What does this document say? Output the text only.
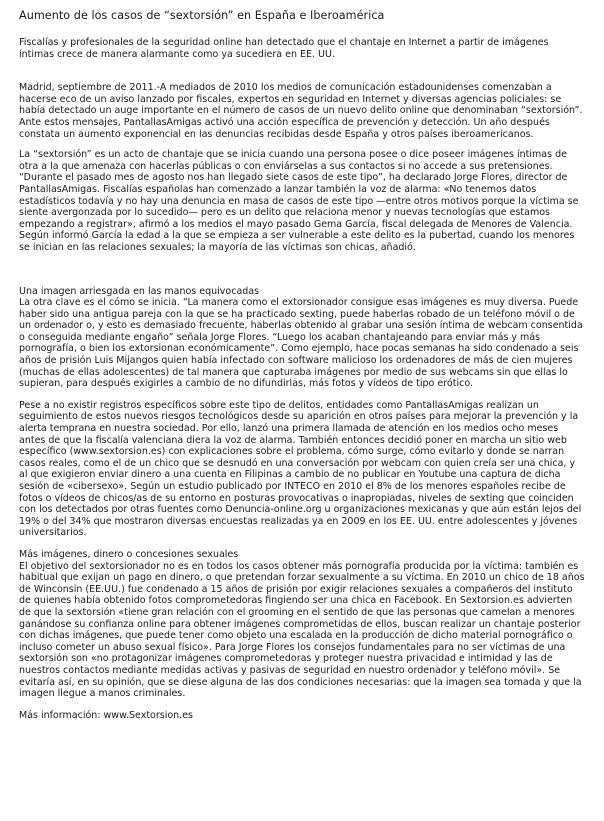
Aumento de los casos de “sextorsión” en España e Iberoamérica
Fiscalías y profesionales de la seguridad online han detectado que el chantaje en Internet a partir de imágenes íntimas crece de manera alarmante como ya sucediera en EE. UU.
Madrid, septiembre de 2011.-A mediados de 2010 los medios de comunicación estadounidenses comenzaban a hacerse eco de un aviso lanzado por fiscales, expertos en seguridad en Internet y diversas agencias policiales: se había detectado un auge importante en el número de casos de un nuevo delito online que denominaban “sextorsión”. Ante estos mensajes, PantallasAmigas activó una acción específica de prevención y detección. Un año después constata un aumento exponencial en las denuncias recibidas desde España y otros países iberoamericanos.
La “sextorsión” es un acto de chantaje que se inicia cuando una persona posee o dice poseer imágenes íntimas de otra a la que amenaza con hacerlas públicas o con enviárselas a sus contactos si no accede a sus pretensiones. “Durante el pasado mes de agosto nos han llegado siete casos de este tipo”, ha declarado Jorge Flores, director de PantallasAmigas. Fiscalías españolas han comenzado a lanzar también la voz de alarma: «No tenemos datos estadísticos todavía y no hay una denuncia en masa de casos de este tipo —entre otros motivos porque la víctima se siente avergonzada por lo sucedido— pero es un delito que relaciona menor y nuevas tecnologías que estamos empezando a registrar», afirmó a los medios el mayo pasado Gema García, fiscal delegada de Menores de Valencia. Según informó García la edad a la que se empieza a ser vulnerable a este delito es la pubertad, cuando los menores se inician en las relaciones sexuales; la mayoría de las víctimas son chicas, añadió.
Una imagen arriesgada en las manos equivocadas
La otra clave es el cómo se inicia. “La manera como el extorsionador consigue esas imágenes es muy diversa. Puede haber sido una antigua pareja con la que se ha practicado sexting, puede haberlas robado de un teléfono móvil o de un ordenador o, y esto es demasiado frecuente, haberlas obtenido al grabar una sesión íntima de webcam consentida o conseguida mediante engaño” señala Jorge Flores. “Luego los acaban chantajeando para enviar más y más pornografía, o bien los extorsionan económicamente”. Como ejemplo, hace pocas semanas ha sido condenado a seis años de prisión Luis Mijangos quien había infectado con software malicioso los ordenadores de más de cien mujeres (muchas de ellas adolescentes) de tal manera que capturaba imágenes por medio de sus webcams sin que ellas lo supieran, para después exigirles a cambio de no difundirlas, más fotos y vídeos de tipo erótico.
Pese a no existir registros específicos sobre este tipo de delitos, entidades como PantallasAmigas realizan un seguimiento de estos nuevos riesgos tecnológicos desde su aparición en otros países para mejorar la prevención y la alerta temprana en nuestra sociedad. Por ello, lanzó una primera llamada de atención en los medios ocho meses antes de que la fiscalía valenciana diera la voz de alarma. También entonces decidió poner en marcha un sitio web específico (www.sextorsion.es) con explicaciones sobre el problema, cómo surge, cómo evitarlo y donde se narran casos reales, como el de un chico que se desnudó en una conversación por webcam con quien creía ser una chica, y al que exigieron enviar dinero a una cuenta en Filipinas a cambio de no publicar en Youtube una captura de dicha sesión de «cibersexo». Según un estudio publicado por INTECO en 2010 el 8% de los menores españoles recibe de fotos o vídeos de chicos/as de su entorno en posturas provocativas o inapropiadas, niveles de sexting que coinciden con los detectados por otras fuentes como Denuncia-online.org u organizaciones mexicanas y que aún están lejos del 19% o del 34% que mostraron diversas encuestas realizadas ya en 2009 en los EE. UU. entre adolescentes y jóvenes universitarios.
Más imágenes, dinero o concesiones sexuales
El objetivo del sextorsionador no es en todos los casos obtener más pornografía producida por la víctima: también es habitual que exijan un pago en dinero, o que pretendan forzar sexualmente a su víctima. En 2010 un chico de 18 años de Winconsin (EE.UU.) fue condenado a 15 años de prisión por exigir relaciones sexuales a compañeros del instituto de quienes había obtenido fotos comprometedoras fingiendo ser una chica en Facebook. En Sextorsion.es advierten de que la sextorsión «tiene gran relación con el grooming en el sentido de que las personas que camelan a menores ganándose su confianza online para obtener imágenes comprometidas de ellos, buscan realizar un chantaje posterior con dichas imágenes, que puede tener como objeto una escalada en la producción de dicho material pornográfico o incluso cometer un abuso sexual físico». Para Jorge Flores los consejos fundamentales para no ser víctimas de una sextorsión son «no protagonizar imágenes comprometedoras y proteger nuestra privacidad e intimidad y las de nuestros contactos mediante medidas activas y pasivas de seguridad en nuestro ordenador y teléfono móvil». Se evitaría así, en su opinión, que se diese alguna de las dos condiciones necesarias: que la imagen sea tomada y que la imagen llegue a manos criminales.
Más información: www.Sextorsion.es
